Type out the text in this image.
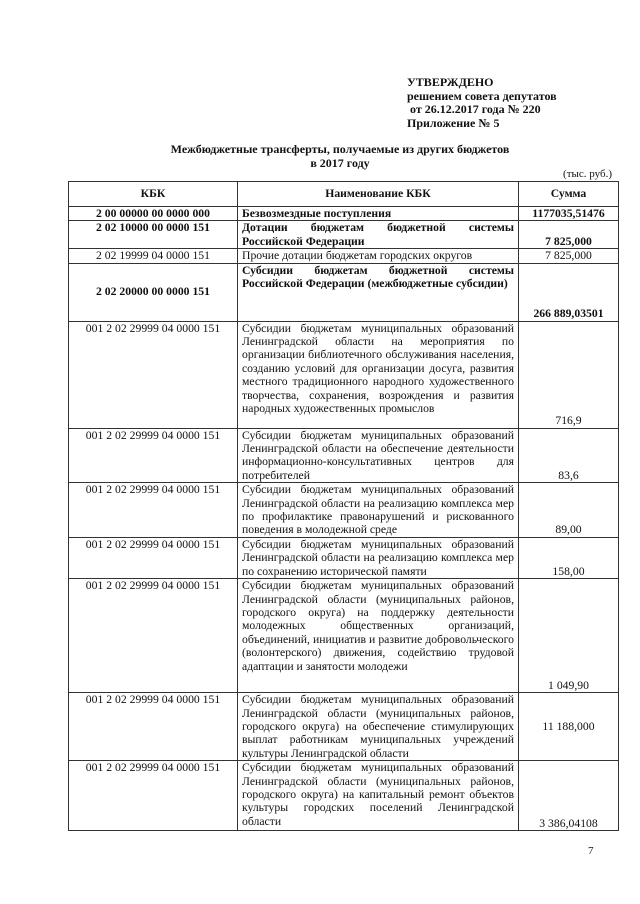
УТВЕРЖДЕНО
решением совета депутатов
от 26.12.2017 года № 220
Приложение № 5
Межбюджетные трансферты, получаемые из других бюджетов
в 2017 году
(тыс. руб.)
КБК	Наименование КБК	Сумма
2 00 00000 00 0000 000	Безвозмездные поступления	1177035,51476
2 02 10000 00 0000 151	Дотации бюджетам бюджетной системы Российской Федерации	7 825,000
2 02 19999 04 0000 151	Прочие дотации бюджетам городских округов	7 825,000
2 02 20000 00 0000 151	Субсидии бюджетам бюджетной системы Российской Федерации (межбюджетные субсидии)	266 889,03501
001 2 02 29999 04 0000 151	Субсидии бюджетам муниципальных образований Ленинградской области на мероприятия по организации библиотечного обслуживания населения, созданию условий для организации досуга, развития местного традиционного народного художественного творчества, сохранения, возрождения и развития народных художественных промыслов	716,9
001 2 02 29999 04 0000 151	Субсидии бюджетам муниципальных образований Ленинградской области на обеспечение деятельности информационно-консультативных центров для потребителей	83,6
001 2 02 29999 04 0000 151	Субсидии бюджетам муниципальных образований Ленинградской области на реализацию комплекса мер по профилактике правонарушений и рискованного поведения в молодежной среде	89,00
001 2 02 29999 04 0000 151	Субсидии бюджетам муниципальных образований Ленинградской области на реализацию комплекса мер по сохранению исторической памяти	158,00
001 2 02 29999 04 0000 151	Субсидии бюджетам муниципальных образований Ленинградской области (муниципальных районов, городского округа) на поддержку деятельности молодежных общественных организаций, объединений, инициатив и развитие добровольческого (волонтерского) движения, содействию трудовой адаптации и занятости молодежи	1 049,90
001 2 02 29999 04 0000 151	Субсидии бюджетам муниципальных образований Ленинградской области (муниципальных районов, городского округа) на обеспечение стимулирующих выплат работникам муниципальных учреждений культуры Ленинградской области	11 188,000
001 2 02 29999 04 0000 151	Субсидии бюджетам муниципальных образований Ленинградской области (муниципальных районов, городского округа) на капитальный ремонт объектов культуры городских поселений Ленинградской области	3 386,04108
7
